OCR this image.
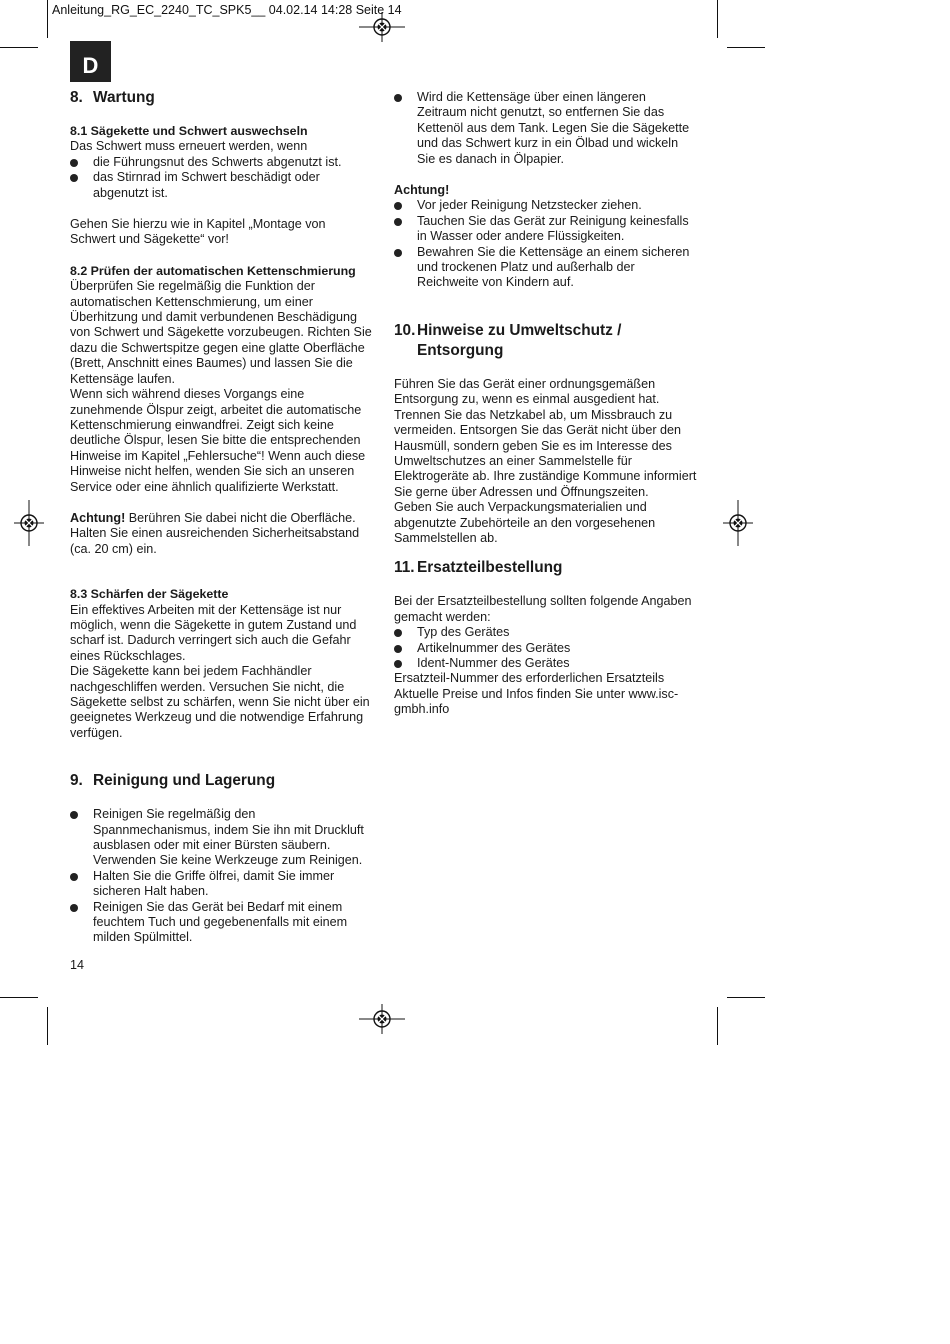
Anleitung_RG_EC_2240_TC_SPK5__ 04.02.14 14:28 Seite 14
D
8. Wartung
8.1 Sägekette und Schwert auswechseln

Das Schwert muss erneuert werden, wenn

die Führungsnut des Schwerts abgenutzt ist.
das Stirnrad im Schwert beschädigt oder abgenutzt ist.

Gehen Sie hierzu wie in Kapitel „Montage von Schwert und Sägekette“ vor!

8.2 Prüfen der automatischen Kettenschmierung

Überprüfen Sie regelmäßig die Funktion der automatischen Kettenschmierung, um einer Überhitzung und damit verbundenen Beschädigung von Schwert und Sägekette vorzubeugen. Richten Sie dazu die Schwertspitze gegen eine glatte Oberfläche (Brett, Anschnitt eines Baumes) und lassen Sie die Kettensäge laufen.

Wenn sich während dieses Vorgangs eine zunehmende Ölspur zeigt, arbeitet die automatische Kettenschmierung einwandfrei. Zeigt sich keine deutliche Ölspur, lesen Sie bitte die entsprechenden Hinweise im Kapitel „Fehlersuche“! Wenn auch diese Hinweise nicht helfen, wenden Sie sich an unseren Service oder eine ähnlich qualifizierte Werkstatt.

Achtung! Berühren Sie dabei nicht die Oberfläche. Halten Sie einen ausreichenden Sicherheitsabstand (ca. 20 cm) ein.

8.3 Schärfen der Sägekette

Ein effektives Arbeiten mit der Kettensäge ist nur möglich, wenn die Sägekette in gutem Zustand und scharf ist. Dadurch verringert sich auch die Gefahr eines Rückschlages.

Die Sägekette kann bei jedem Fachhändler nachgeschliffen werden. Versuchen Sie nicht, die Sägekette selbst zu schärfen, wenn Sie nicht über ein geeignetes Werkzeug und die notwendige Erfahrung verfügen.

9. Reinigung und Lagerung
Reinigen Sie regelmäßig den Spannmechanismus, indem Sie ihn mit Druckluft ausblasen oder mit einer Bürsten säubern. Verwenden Sie keine Werkzeuge zum Reinigen.
Halten Sie die Griffe ölfrei, damit Sie immer sicheren Halt haben.
Reinigen Sie das Gerät bei Bedarf mit einem feuchtem Tuch und gegebenenfalls mit einem milden Spülmittel.
Wird die Kettensäge über einen längeren Zeitraum nicht genutzt, so entfernen Sie das Kettenöl aus dem Tank. Legen Sie die Sägekette und das Schwert kurz in ein Ölbad und wickeln Sie es danach in Ölpapier.

Achtung!

Vor jeder Reinigung Netzstecker ziehen.
Tauchen Sie das Gerät zur Reinigung keinesfalls in Wasser oder andere Flüssigkeiten.
Bewahren Sie die Kettensäge an einem sicheren und trockenen Platz und außerhalb der Reichweite von Kindern auf.
10. Hinweise zu Umweltschutz / Entsorgung

Führen Sie das Gerät einer ordnungsgemäßen Entsorgung zu, wenn es einmal ausgedient hat. Trennen Sie das Netzkabel ab, um Missbrauch zu vermeiden. Entsorgen Sie das Gerät nicht über den Hausmüll, sondern geben Sie es im Interesse des Umweltschutzes an einer Sammelstelle für Elektrogeräte ab. Ihre zuständige Kommune informiert Sie gerne über Adressen und Öffnungszeiten.

Geben Sie auch Verpackungsmaterialien und abgenutzte Zubehörteile an den vorgesehenen Sammelstellen ab.

11. Ersatzteilbestellung

Bei der Ersatzteilbestellung sollten folgende Angaben gemacht werden:

Typ des Gerätes
Artikelnummer des Gerätes
Ident-Nummer des Gerätes

Ersatzteil-Nummer des erforderlichen Ersatzteils

Aktuelle Preise und Infos finden Sie unter www.isc-gmbh.info

14
